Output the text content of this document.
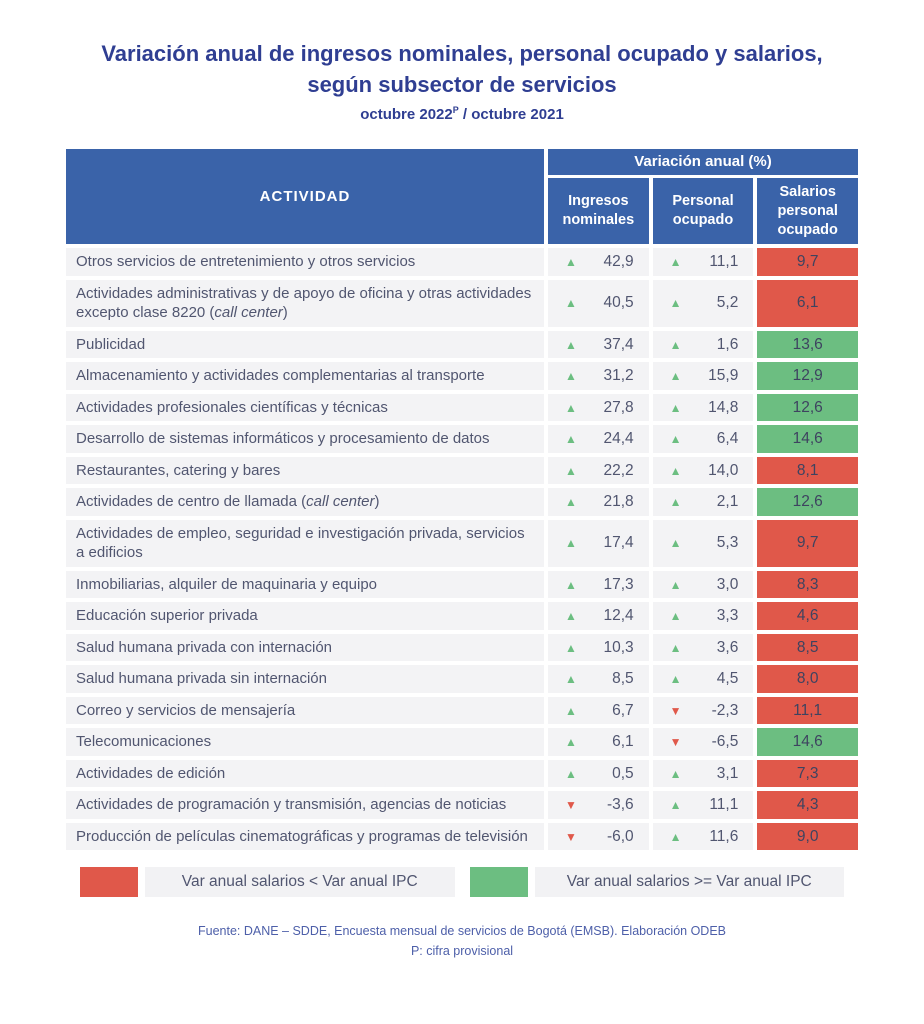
Variación anual de ingresos nominales, personal ocupado y salarios,
según subsector de servicios
octubre $2022^P$ / octubre 2021
ACTIVIDAD
Variación anual (%)
Ingresos nominales
Personal ocupado
Salarios personal ocupado
Otros servicios de entretenimiento y otros servicios	▲ 42,9	▲ 11,1	9,7
Actividades administrativas y de apoyo de oficina y otras actividades excepto clase 8220 (call center)
▲ 40,5	▲ 5,2	6,1
Publicidad	▲ 37,4	▲ 1,6	13,6
Almacenamiento y actividades complementarias al transporte	▲ 31,2	▲ 15,9	12,9
Actividades profesionales científicas y técnicas	▲ 27,8	▲ 14,8	12,6
Desarrollo de sistemas informáticos y procesamiento de datos	▲ 24,4	▲ 6,4	14,6
Restaurantes, catering y bares	▲ 22,2	▲ 14,0	8,1
Actividades de centro de llamada (call center)	▲ 21,8	▲ 2,1	12,6
Actividades de empleo, seguridad e investigación privada, servicios a edificios
▲ 17,4	▲ 5,3	9,7
Inmobiliarias, alquiler de maquinaria y equipo	▲ 17,3	▲ 3,0	8,3
Educación superior privada	▲ 12,4	▲ 3,3	4,6
Salud humana privada con internación	▲ 10,3	▲ 3,6	8,5
Salud humana privada sin internación	▲ 8,5	▲ 4,5	8,0
Correo y servicios de mensajería	▲ 6,7	▼ -2,3	11,1
Telecomunicaciones	▲ 6,1	▼ -6,5	14,6
Actividades de edición	▲ 0,5	▲ 3,1	7,3
Actividades de programación y transmisión, agencias de noticias	▼ -3,6	▲ 11,1	4,3
Producción de películas cinematográficas y programas de televisión	▼ -6,0	▲ 11,6	9,0
Var anual salarios < Var anual IPC	Var anual salarios >= Var anual IPC
Fuente: DANE – SDDE, Encuesta mensual de servicios de Bogotá (EMSB). Elaboración ODEB
P: cifra provisional
